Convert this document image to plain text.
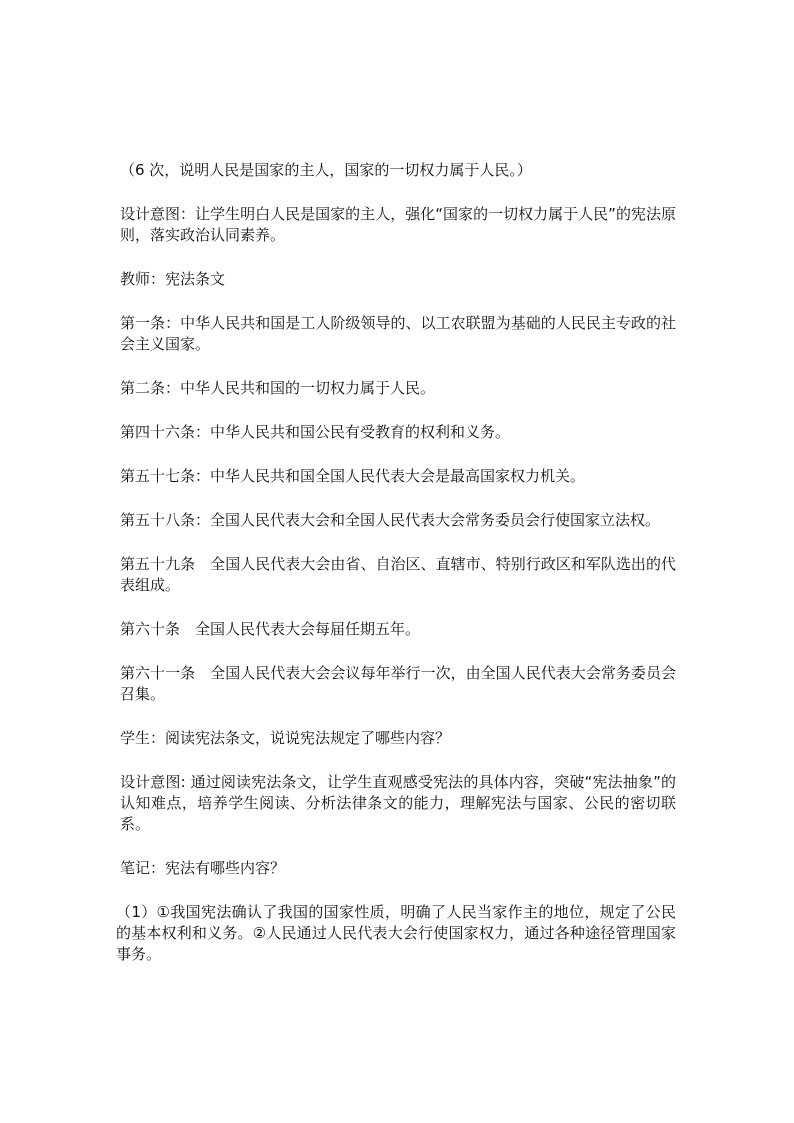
（6 次，说明人民是国家的主人，国家的一切权力属于人民。）

设计意图：让学生明白人民是国家的主人，强化“国家的一切权力属于人民”的宪法原则，落实政治认同素养。

教师：宪法条文

第一条：中华人民共和国是工人阶级领导的、以工农联盟为基础的人民民主专政的社会主义国家。

第二条：中华人民共和国的一切权力属于人民。

第四十六条：中华人民共和国公民有受教育的权利和义务。

第五十七条：中华人民共和国全国人民代表大会是最高国家权力机关。

第五十八条：全国人民代表大会和全国人民代表大会常务委员会行使国家立法权。

第五十九条　全国人民代表大会由省、自治区、直辖市、特别行政区和军队选出的代表组成。

第六十条　全国人民代表大会每届任期五年。

第六十一条　全国人民代表大会会议每年举行一次，由全国人民代表大会常务委员会召集。

学生：阅读宪法条文，说说宪法规定了哪些内容？

设计意图: 通过阅读宪法条文，让学生直观感受宪法的具体内容，突破“宪法抽象”的认知难点，培养学生阅读、分析法律条文的能力，理解宪法与国家、公民的密切联系。

笔记：宪法有哪些内容？

（1）①我国宪法确认了我国的国家性质，明确了人民当家作主的地位，规定了公民的基本权利和义务。②人民通过人民代表大会行使国家权力，通过各种途径管理国家事务。
